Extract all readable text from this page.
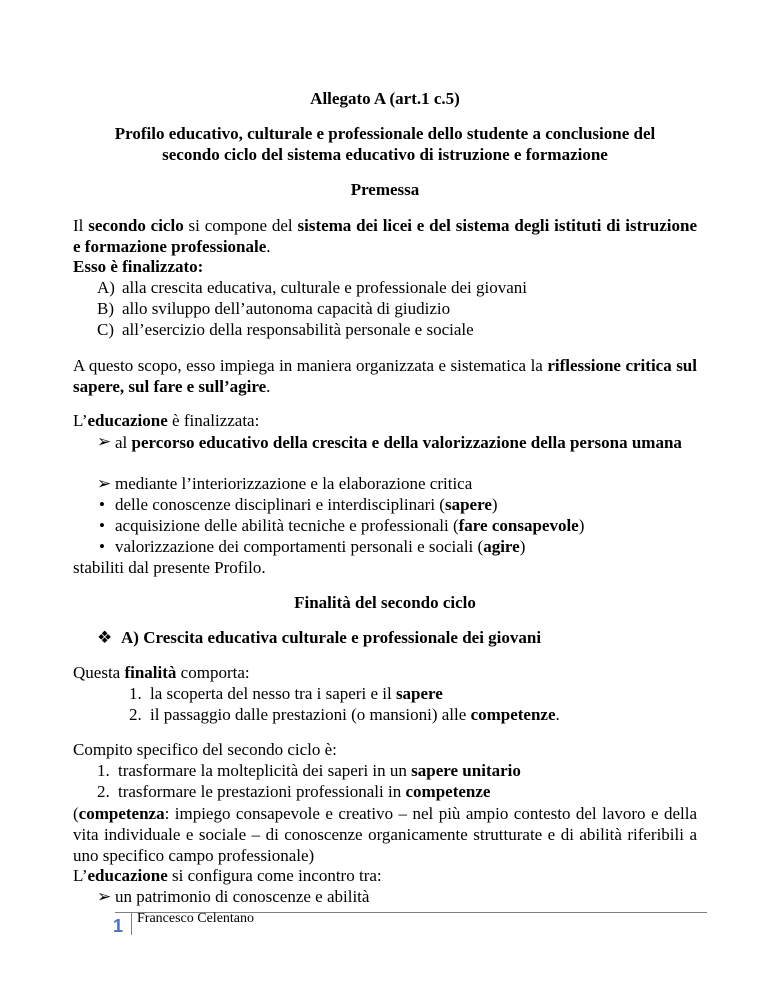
Allegato A (art.1 c.5)
Profilo educativo, culturale e professionale dello studente a conclusione del
secondo ciclo del sistema educativo di istruzione e formazione
Premessa
Il secondo ciclo si compone del sistema dei licei e del sistema degli istituti di istruzione e formazione professionale.
Esso è finalizzato:
A) alla crescita educativa, culturale e professionale dei giovani
B) allo sviluppo dell’autonoma capacità di giudizio
C) all’esercizio della responsabilità personale e sociale
A questo scopo, esso impiega in maniera organizzata e sistematica la riflessione critica sul sapere, sul fare e sull’agire.
L’educazione è finalizzata:
➢ al percorso educativo della crescita e della valorizzazione della persona umana
➢ mediante l’interiorizzazione e la elaborazione critica
• delle conoscenze disciplinari e interdisciplinari (sapere)
• acquisizione delle abilità tecniche e professionali (fare consapevole)
• valorizzazione dei comportamenti personali e sociali (agire)
stabiliti dal presente Profilo.
Finalità del secondo ciclo
❖ A) Crescita educativa culturale e professionale dei giovani
Questa finalità comporta:
1. la scoperta del nesso tra i saperi e il sapere
2. il passaggio dalle prestazioni (o mansioni) alle competenze.
Compito specifico del secondo ciclo è:
1. trasformare la molteplicità dei saperi in un sapere unitario
2. trasformare le prestazioni professionali in competenze
(competenza: impiego consapevole e creativo – nel più ampio contesto del lavoro e della vita individuale e sociale – di conoscenze organicamente strutturate e di abilità riferibili a uno specifico campo professionale)
L’educazione si configura come incontro tra:
➢ un patrimonio di conoscenze e abilità
1 Francesco Celentano
